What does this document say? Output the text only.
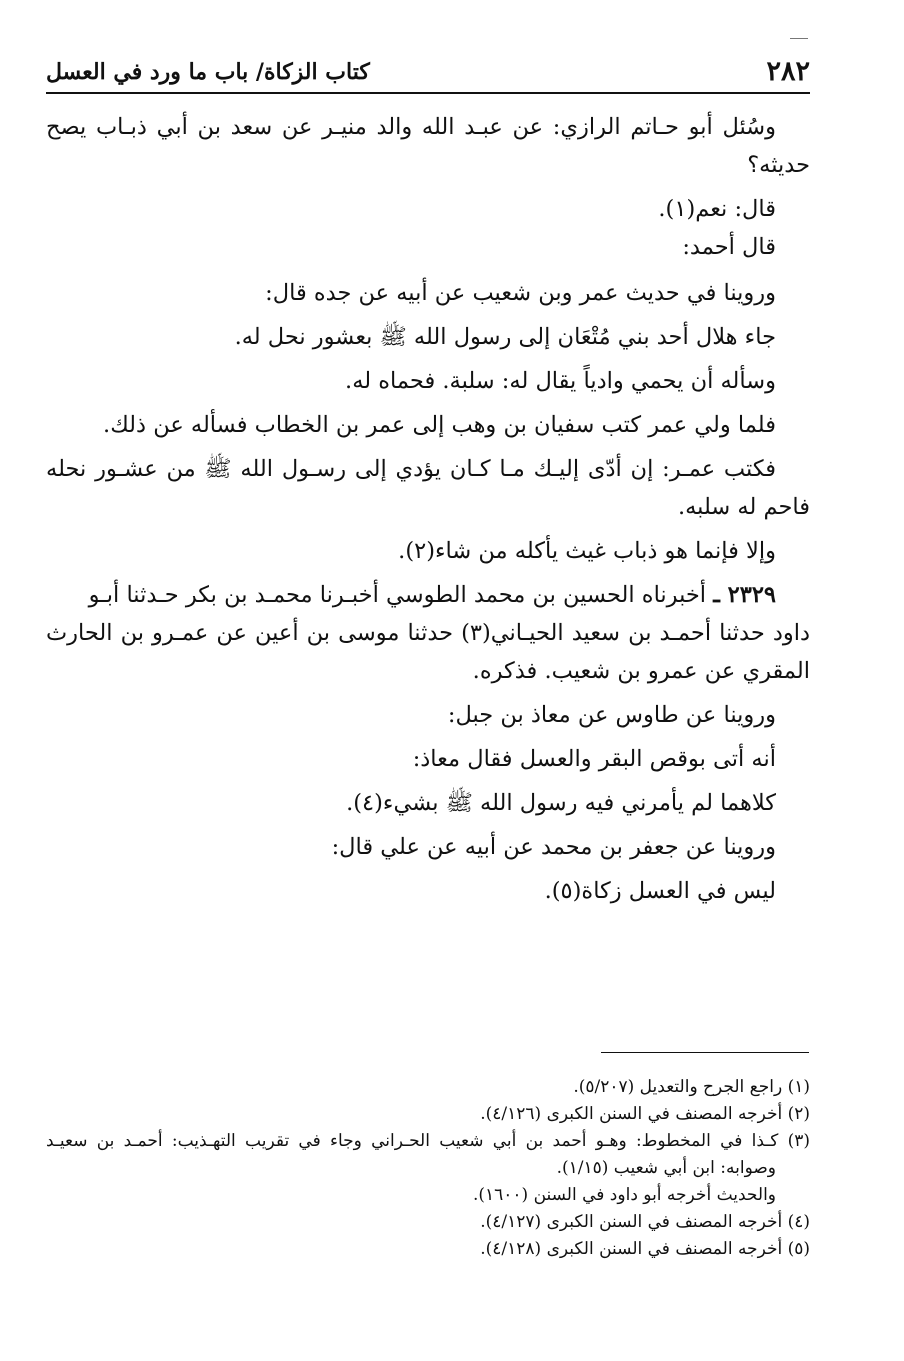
٢٨٢
كتاب الزكاة/ باب ما ورد في العسل
وسُئل أبو حـاتم الرازي: عن عبـد الله والد منيـر عن سعد بن أبي ذبـاب يصح
حديثه؟
قال: نعم(١).
قال أحمد:
وروينا في حديث عمر وبن شعيب عن أبيه عن جده قال:
جاء هلال أحد بني مُتْعَان إلى رسول الله ﷺ بعشور نحل له.
وسأله أن يحمي وادياً يقال له: سلبة. فحماه له.
فلما ولي عمر كتب سفيان بن وهب إلى عمر بن الخطاب فسأله عن ذلك.
فكتب عمـر: إن أدّى إليـك مـا كـان يؤدي إلى رسـول الله ﷺ من عشـور نحله
فاحم له سلبه.
وإلا فإنما هو ذباب غيث يأكله من شاء(٢).
٢٣٢٩ ـ أخبرناه الحسين بن محمد الطوسي أخبـرنا محمـد بن بكر حـدثنا أبـو
داود حدثنا أحمـد بن سعيد الحيـاني(٣) حدثنا موسى بن أعين عن عمـرو بن الحارث
المقري عن عمرو بن شعيب. فذكره.
وروينا عن طاوس عن معاذ بن جبل:
أنه أتى بوقص البقر والعسل فقال معاذ:
كلاهما لم يأمرني فيه رسول الله ﷺ بشيء(٤).
وروينا عن جعفر بن محمد عن أبيه عن علي قال:
ليس في العسل زكاة(٥).
(١) راجع الجرح والتعديل (٥/٢٠٧).
(٢) أخرجه المصنف في السنن الكبرى (٤/١٢٦).
(٣) كـذا في المخطوط: وهـو أحمد بن أبي شعيب الحـراني وجاء في تقريب التهـذيب: أحمـد بن سعيـد
وصوابه: ابن أبي شعيب (١/١٥).
والحديث أخرجه أبو داود في السنن (١٦٠٠).
(٤) أخرجه المصنف في السنن الكبرى (٤/١٢٧).
(٥) أخرجه المصنف في السنن الكبرى (٤/١٢٨).
